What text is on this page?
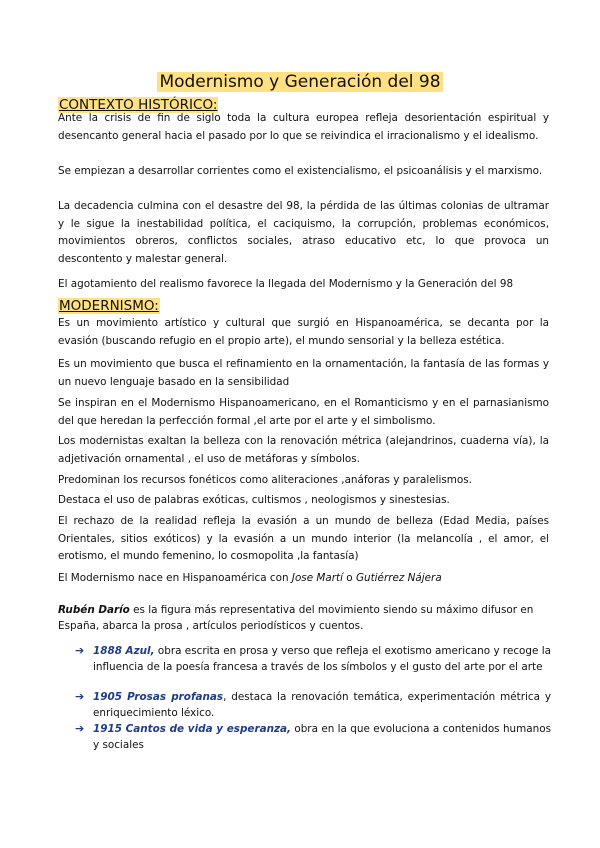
Modernismo y Generación del 98
CONTEXTO HISTÓRICO:

Ante la crisis de fin de siglo toda la cultura europea refleja desorientación espiritual y desencanto general hacia el pasado por lo que se reivindica el irracionalismo y el idealismo.

Se empiezan a desarrollar corrientes como el existencialismo, el psicoanálisis y el marxismo.

La decadencia culmina con el desastre del 98, la pérdida de las últimas colonias de ultramar y le sigue la inestabilidad política, el caciquismo, la corrupción, problemas económicos, movimientos obreros, conflictos sociales, atraso educativo etc, lo que provoca un descontento y malestar general.

El agotamiento del realismo favorece la llegada del Modernismo y la Generación del 98

MODERNISMO:

Es un movimiento artístico y cultural que surgió en Hispanoamérica, se decanta por la evasión (buscando refugio en el propio arte), el mundo sensorial y la belleza estética.

Es un movimiento que busca el refinamiento en la ornamentación, la fantasía de las formas y un nuevo lenguaje basado en la sensibilidad

Se inspiran en el Modernismo Hispanoamericano, en el Romanticismo y en el parnasianismo del que heredan la perfección formal ,el arte por el arte y el simbolismo.

Los modernistas exaltan la belleza con la renovación métrica (alejandrinos, cuaderna vía), la adjetivación ornamental , el uso de metáforas y símbolos.

Predominan los recursos fonéticos como aliteraciones ,anáforas y paralelismos.

Destaca el uso de palabras exóticas, cultismos , neologismos y sinestesias.

El rechazo de la realidad refleja la evasión a un mundo de belleza (Edad Media, países Orientales, sitios exóticos) y la evasión a un mundo interior (la melancolía , el amor, el erotismo, el mundo femenino, lo cosmopolita ,la fantasía)

El Modernismo nace en Hispanoamérica con Jose Martí o Gutiérrez Nájera

Rubén Darío es la figura más representativa del movimiento siendo su máximo difusor en España, abarca la prosa , artículos periodísticos y cuentos.

➔ 1888 Azul, obra escrita en prosa y verso que refleja el exotismo americano y recoge la influencia de la poesía francesa a través de los símbolos y el gusto del arte por el arte
➔ 1905 Prosas profanas, destaca la renovación temática, experimentación métrica y enriquecimiento léxico.
➔ 1915 Cantos de vida y esperanza, obra en la que evoluciona a contenidos humanos y sociales
